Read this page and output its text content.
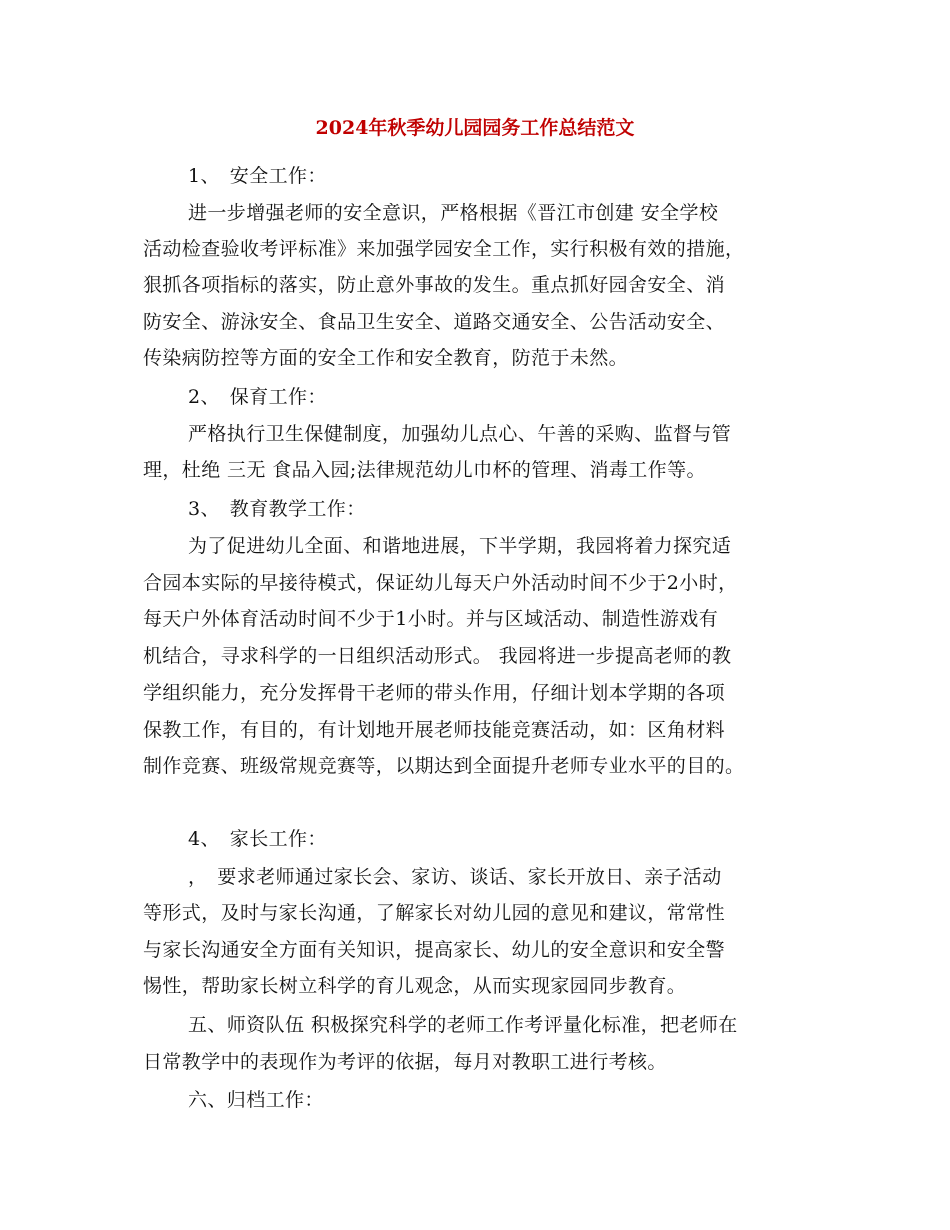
2024年秋季幼儿园园务工作总结范文
1、　安全工作：
进一步增强老师的安全意识，严格根据《晋江市创建 安全学校
活动检查验收考评标准》来加强学园安全工作，实行积极有效的措施，
狠抓各项指标的落实，防止意外事故的发生。重点抓好园舍安全、消
防安全、游泳安全、食品卫生安全、道路交通安全、公告活动安全、
传染病防控等方面的安全工作和安全教育，防范于未然。
2、　保育工作：
严格执行卫生保健制度，加强幼儿点心、午善的采购、监督与管
理，杜绝 三无 食品入园;法律规范幼儿巾杯的管理、消毒工作等。
3、　教育教学工作：
为了促进幼儿全面、和谐地进展，下半学期，我园将着力探究适
合园本实际的早接待模式，保证幼儿每天户外活动时间不少于2小时，
每天户外体育活动时间不少于1小时。并与区域活动、制造性游戏有
机结合，寻求科学的一日组织活动形式。 我园将进一步提高老师的教
学组织能力，充分发挥骨干老师的带头作用，仔细计划本学期的各项
保教工作，有目的，有计划地开展老师技能竞赛活动，如：区角材料
制作竞赛、班级常规竞赛等，以期达到全面提升老师专业水平的目的。
4、　家长工作：
，　要求老师通过家长会、家访、谈话、家长开放日、亲子活动
等形式，及时与家长沟通，了解家长对幼儿园的意见和建议，常常性
与家长沟通安全方面有关知识，提高家长、幼儿的安全意识和安全警
惕性，帮助家长树立科学的育儿观念，从而实现家园同步教育。
五、师资队伍 积极探究科学的老师工作考评量化标准，把老师在
日常教学中的表现作为考评的依据，每月对教职工进行考核。
六、归档工作：
